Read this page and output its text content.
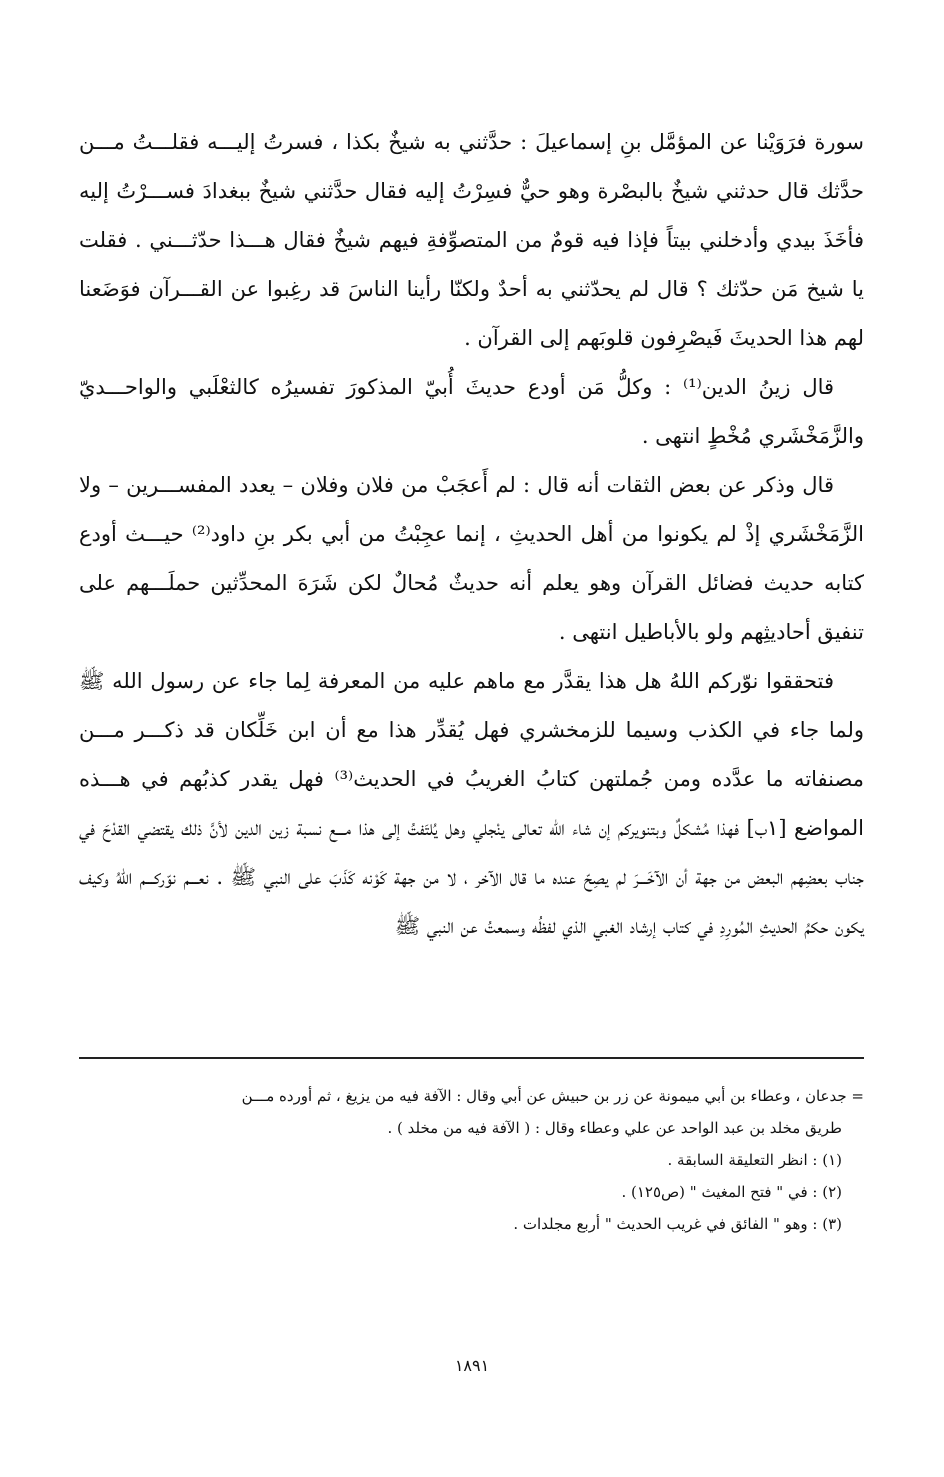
سورة فرَوَيْنا عن المؤمَّل بنِ إسماعيلَ : حدَّثني به شيخٌ بكذا ، فسرتُ إليـــه فقلـــتُ مـــن حدَّثك قال حدثني شيخٌ بالبصْرة وهو حيٌّ فسِرْتُ إليه فقال حدَّثني شيخٌ ببغدادَ فســـرْتُ إليه فأخَذَ بيدي وأدخلني بيتاً فإذا فيه قومٌ من المتصوِّفةِ فيهم شيخٌ فقال هـــذا حدّثـــني . فقلت يا شيخ مَن حدّثك ؟ قال لم يحدّثني به أحدٌ ولكنّا رأينا الناسَ قد رغِبوا عن القـــرآن فوَضَعنا لهم هذا الحديثَ فَيصْرِفون قلوبَهم إلى القرآن .

قال زينُ الدين⁽¹⁾ : وكلُّ مَن أودع حديثَ أُبيّ المذكورَ تفسيرُه كالثعْلَبي والواحـــديّ والزَّمَخْشَري مُخْطٍ انتهى .

قال وذكر عن بعض الثقات أنه قال : لم أَعجَبْ من فلان وفلان – يعدد المفســـرين – ولا الزَّمَخْشَري إذْ لم يكونوا من أهل الحديثِ ، إنما عجِبْتُ من أبي بكر بنِ داود⁽²⁾ حيـــث أودع كتابه حديث فضائل القرآن وهو يعلم أنه حديثٌ مُحالٌ لكن شَرَهَ المحدِّثين حملَـــهم على تنفيق أحاديثِهم ولو بالأباطيل انتهى .

فتحققوا نوّركم اللهُ هل هذا يقدَّر مع ماهم عليه من المعرفة لِما جاء عن رسول الله ﷺ ولما جاء في الكذب وسيما للزمخشري فهل يُقدِّر هذا مع أن ابن خَلِّكان قد ذكـــر مـــن مصنفاته ما عدَّده ومن جُملتهن كتابُ الغريبُ في الحديث⁽³⁾ فهل يقدر كذبُهم في هـــذه المواضع [١ب] فهذا مُشكلٌ وبتنويركم إن شاء الله تعالى ينْجلي وهل يُلتَفتُ إلى هذا مـــع نسبة زين الدين لأنَّ ذلك يقتضي القدْحَ في جناب بعضِهم البعض من جهة أن الآخَـــرَ لم يصِحّ عنده ما قال الآخر ، لا من جهة كَوْنه كَذَبَ على النبي ﷺ . نعـــم نوّركـــم اللهُ وكيف يكون حكمُ الحديثِ المُورِدِ في كتاب إرشاد الغبي الذي لفظُه وسمعتُ عن النبي ﷺ

= جدعان ، وعطاء بن أبي ميمونة عن زر بن حبيش عن أبي وقال : الآفة فيه من يزيغ ، ثم أورده مـــن

طريق مخلد بن عبد الواحد عن علي وعطاء وقال : ( الآفة فيه من مخلد ) .

(١) : انظر التعليقة السابقة .

(٢) : في " فتح المغيث " (ص١٢٥) .

(٣) : وهو " الفائق في غريب الحديث " أربع مجلدات .

١٨٩١
